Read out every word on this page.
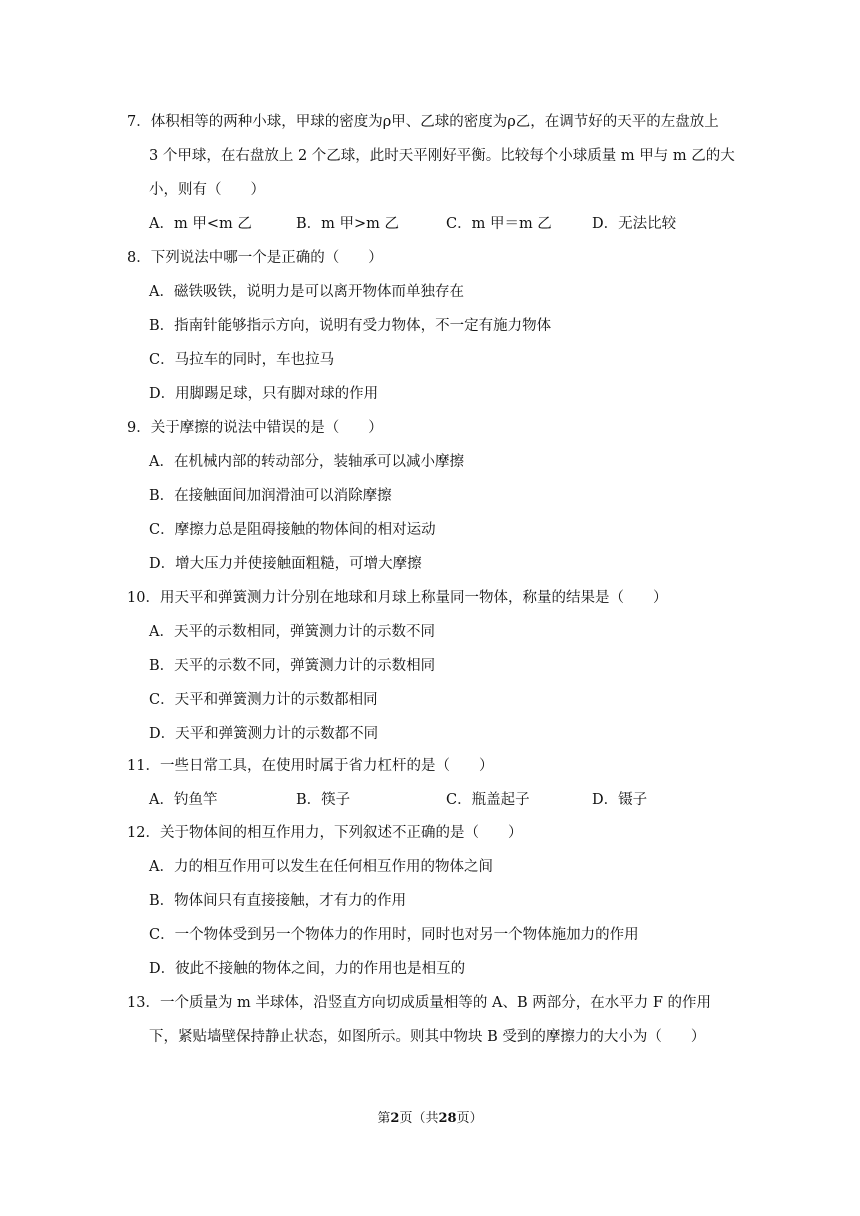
7．体积相等的两种小球，甲球的密度为ρ甲、乙球的密度为ρ乙，在调节好的天平的左盘放上
3 个甲球，在右盘放上 2 个乙球，此时天平刚好平衡。比较每个小球质量 m 甲与 m 乙的大
小，则有（　　）
A．m 甲<m 乙	B．m 甲>m 乙	C．m 甲＝m 乙	D．无法比较
8．下列说法中哪一个是正确的（　　）
A．磁铁吸铁，说明力是可以离开物体而单独存在
B．指南针能够指示方向，说明有受力物体，不一定有施力物体
C．马拉车的同时，车也拉马
D．用脚踢足球，只有脚对球的作用
9．关于摩擦的说法中错误的是（　　）
A．在机械内部的转动部分，装轴承可以减小摩擦
B．在接触面间加润滑油可以消除摩擦
C．摩擦力总是阻碍接触的物体间的相对运动
D．增大压力并使接触面粗糙，可增大摩擦
10．用天平和弹簧测力计分别在地球和月球上称量同一物体，称量的结果是（　　）
A．天平的示数相同，弹簧测力计的示数不同
B．天平的示数不同，弹簧测力计的示数相同
C．天平和弹簧测力计的示数都相同
D．天平和弹簧测力计的示数都不同
11．一些日常工具，在使用时属于省力杠杆的是（　　）
A．钓鱼竿	B．筷子	C．瓶盖起子	D．镊子
12．关于物体间的相互作用力，下列叙述不正确的是（　　）
A．力的相互作用可以发生在任何相互作用的物体之间
B．物体间只有直接接触，才有力的作用
C．一个物体受到另一个物体力的作用时，同时也对另一个物体施加力的作用
D．彼此不接触的物体之间，力的作用也是相互的
13．一个质量为 m 半球体，沿竖直方向切成质量相等的 A、B 两部分，在水平力 F 的作用
下，紧贴墙壁保持静止状态，如图所示。则其中物块 B 受到的摩擦力的大小为（　　）
第2页（共28页）
